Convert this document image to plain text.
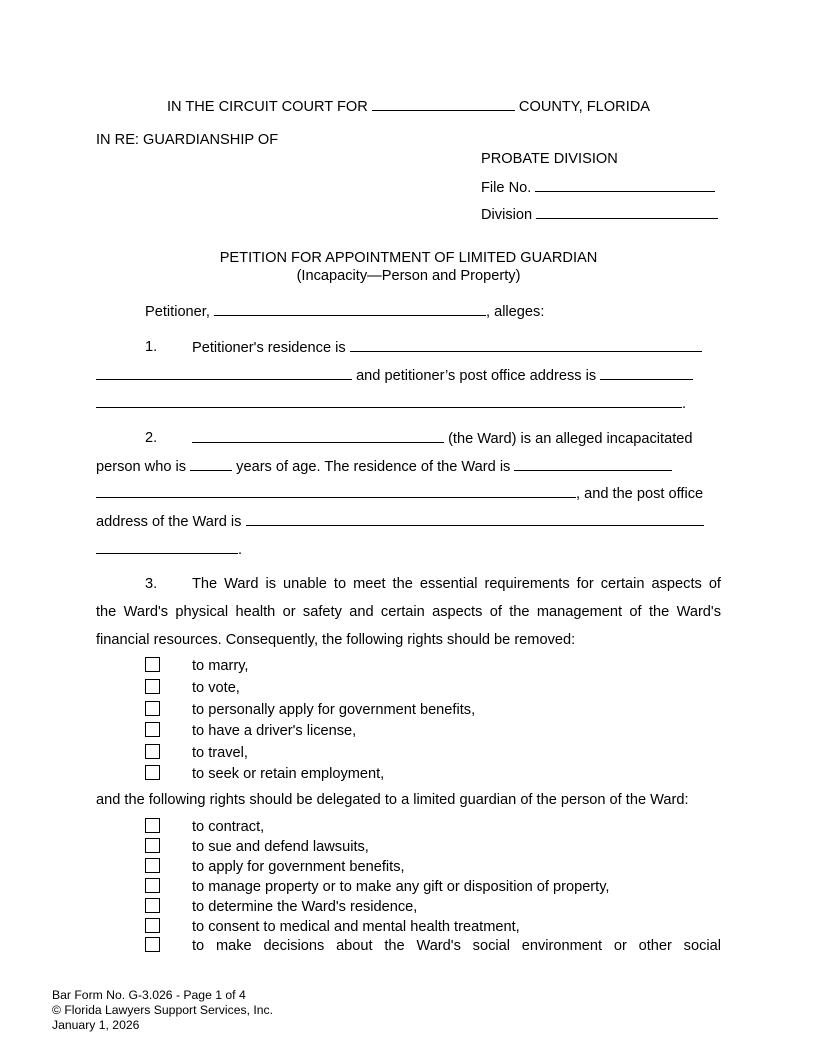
IN THE CIRCUIT COURT FOR	COUNTY, FLORIDA
IN RE: GUARDIANSHIP OF
PROBATE DIVISION
File No.
Division
PETITION FOR APPOINTMENT OF LIMITED GUARDIAN
(Incapacity—Person and Property)
Petitioner,	, alleges:
1. Petitioner's residence is
and petitioner’s post office address is
.
2.	(the Ward) is an alleged incapacitated
person who is	years of age. The residence of the Ward is
, and the post office
address of the Ward is
.
3. The Ward is unable to meet the essential requirements for certain aspects of
the Ward's physical health or safety and certain aspects of the management of the Ward's
financial resources. Consequently, the following rights should be removed:
to marry,
to vote,
to personally apply for government benefits,
to have a driver's license,
to travel,
to seek or retain employment,
and the following rights should be delegated to a limited guardian of the person of the Ward:
to contract,
to sue and defend lawsuits,
to apply for government benefits,
to manage property or to make any gift or disposition of property,
to determine the Ward's residence,
to consent to medical and mental health treatment,
to make decisions about the Ward's social environment or other social
Bar Form No. G-3.026 - Page 1 of 4
© Florida Lawyers Support Services, Inc.
January 1, 2026
